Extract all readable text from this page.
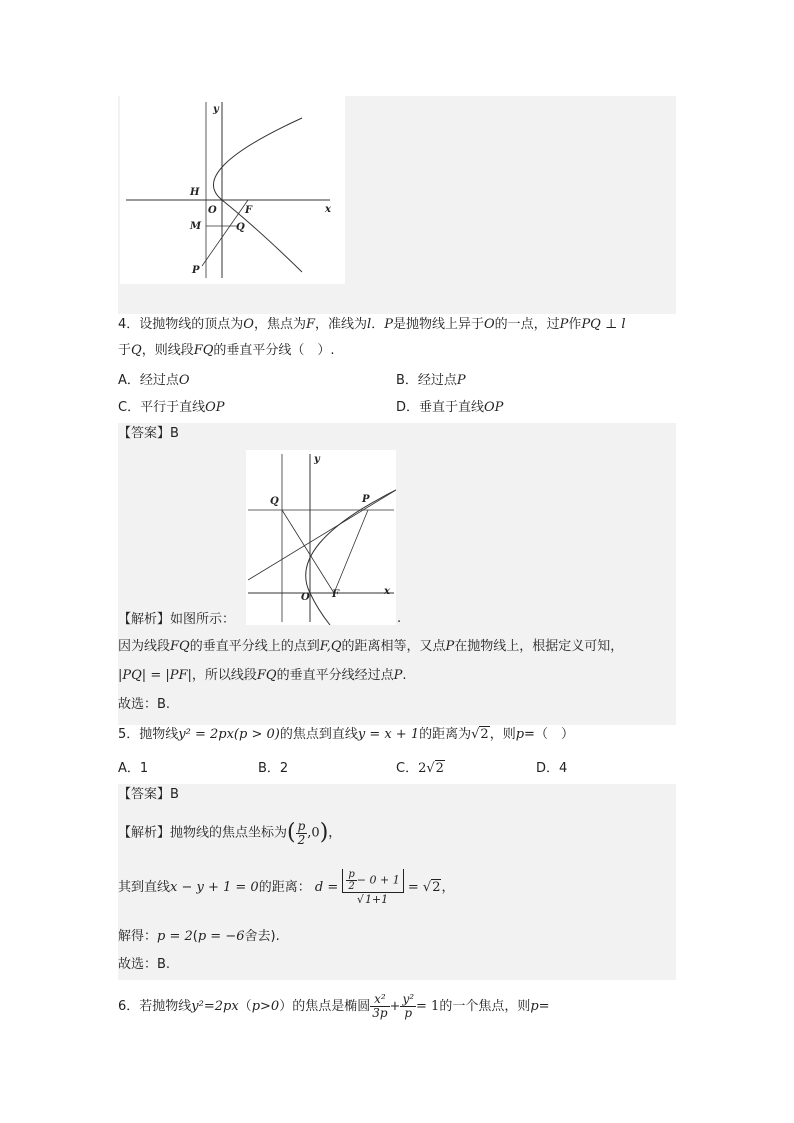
y
x
H
O	F
M	Q
P
4．设抛物线的顶点为O，焦点为F，准线为l．P是抛物线上异于O的一点，过P作PQ ⊥ l
于Q，则线段FQ的垂直平分线（　）.
A．经过点O	B．经过点P
C．平行于直线OP	D．垂直于直线OP
【答案】B
y
x
Q	P
O F
【解析】如图所示：	.
因为线段FQ的垂直平分线上的点到F,Q的距离相等，又点P在抛物线上，根据定义可知，
|PQ| = |PF|，所以线段FQ的垂直平分线经过点P.
故选：B.
5．抛物线y² = 2px(p > 0)的焦点到直线y = x + 1的距离为√2，则p=（　）
A．1	B．2	C．2√2	D．4
【答案】B
【解析】抛物线的焦点坐标为( $\frac{p}{2} ,0$)，
其到直线x − y + 1 = 0的距离： $d = \frac{\frac{p}{2} - 0 + 1}{√1+1} = √2$，
解得：p = 2(p = −6舍去).
故选：B.
6．若抛物线y²=2px（p>0）的焦点是椭圆 $\frac{\text{x²}}{3p} + \frac{\text{y²}}{p} = 1$的一个焦点，则p=
